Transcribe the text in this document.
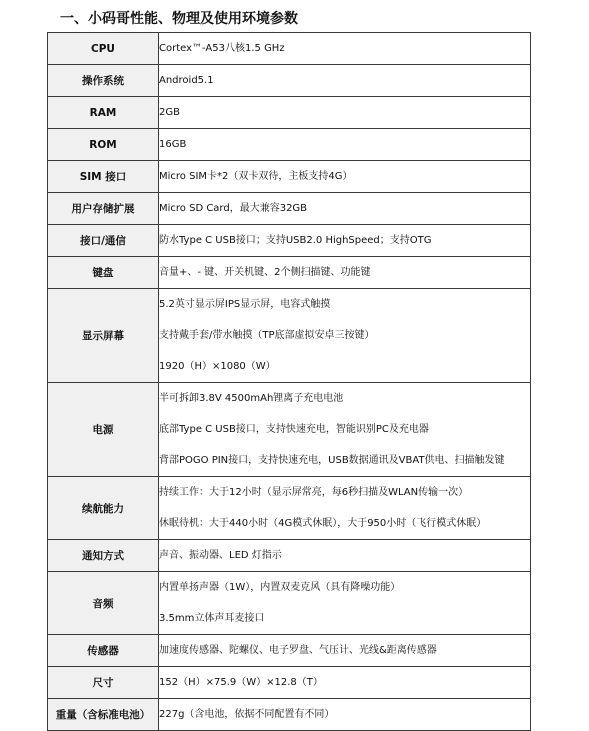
一、小码哥性能、物理及使用环境参数
CPU	Cortex™-A53八核1.5 GHz

操作系统	Android5.1

RAM	2GB

ROM	16GB

SIM 接口	Micro SIM卡*2（双卡双待，主板支持4G）

用户存储扩展	Micro SD Card，最大兼容32GB

接口/通信	防水Type C USB接口；支持USB2.0 HighSpeed；支持OTG

键盘	音量+、- 键、开关机键、2个侧扫描键、功能键

显示屏幕	5.2英寸显示屏IPS显示屏，电容式触摸
支持戴手套/带水触摸（TP底部虚拟安卓三按键）
1920（H）×1080（W）

电源	半可拆卸3.8V 4500mAh锂离子充电电池
底部Type C USB接口，支持快速充电，智能识别PC及充电器
背部POGO PIN接口，支持快速充电，USB数据通讯及VBAT供电、扫描触发键

续航能力	持续工作：大于12小时（显示屏常亮，每6秒扫描及WLAN传输一次）
休眠待机：大于440小时（4G模式休眠），大于950小时（飞行模式休眠）

通知方式	声音、振动器、LED 灯指示

音频	内置单扬声器（1W），内置双麦克风（具有降噪功能）
3.5mm立体声耳麦接口

传感器	加速度传感器、陀螺仪、电子罗盘、气压计、光线&距离传感器

尺寸	152（H）×75.9（W）×12.8（T）

重量（含标准电池）	227g（含电池，依据不同配置有不同）
